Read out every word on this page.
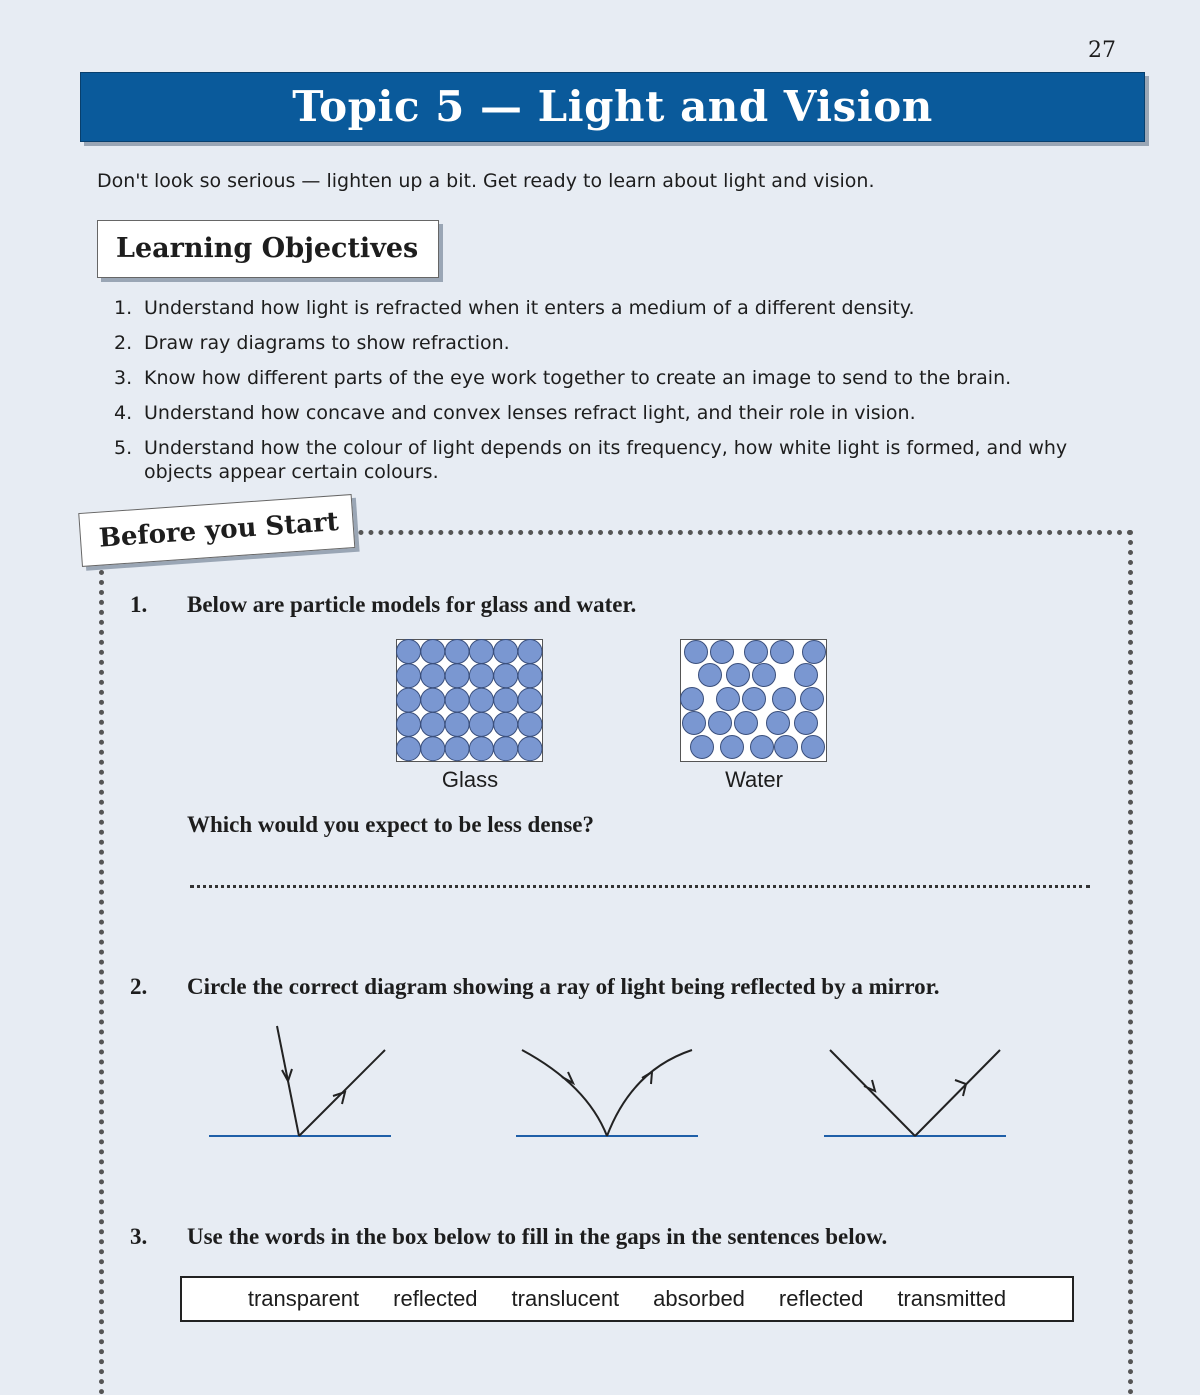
27
Topic 5 — Light and Vision
Don't look so serious — lighten up a bit. Get ready to learn about light and vision.
Learning Objectives
1. Understand how light is refracted when it enters a medium of a different density.
2. Draw ray diagrams to show refraction.
3. Know how different parts of the eye work together to create an image to send to the brain.
4. Understand how concave and convex lenses refract light, and their role in vision.
5. Understand how the colour of light depends on its frequency, how white light is formed, and why objects appear certain colours.
Before you Start
1. Below are particle models for glass and water.
Glass	Water
Which would you expect to be less dense?
2. Circle the correct diagram showing a ray of light being reflected by a mirror.
3. Use the words in the box below to fill in the gaps in the sentences below.
transparent reflected translucent absorbed reflected transmitted
